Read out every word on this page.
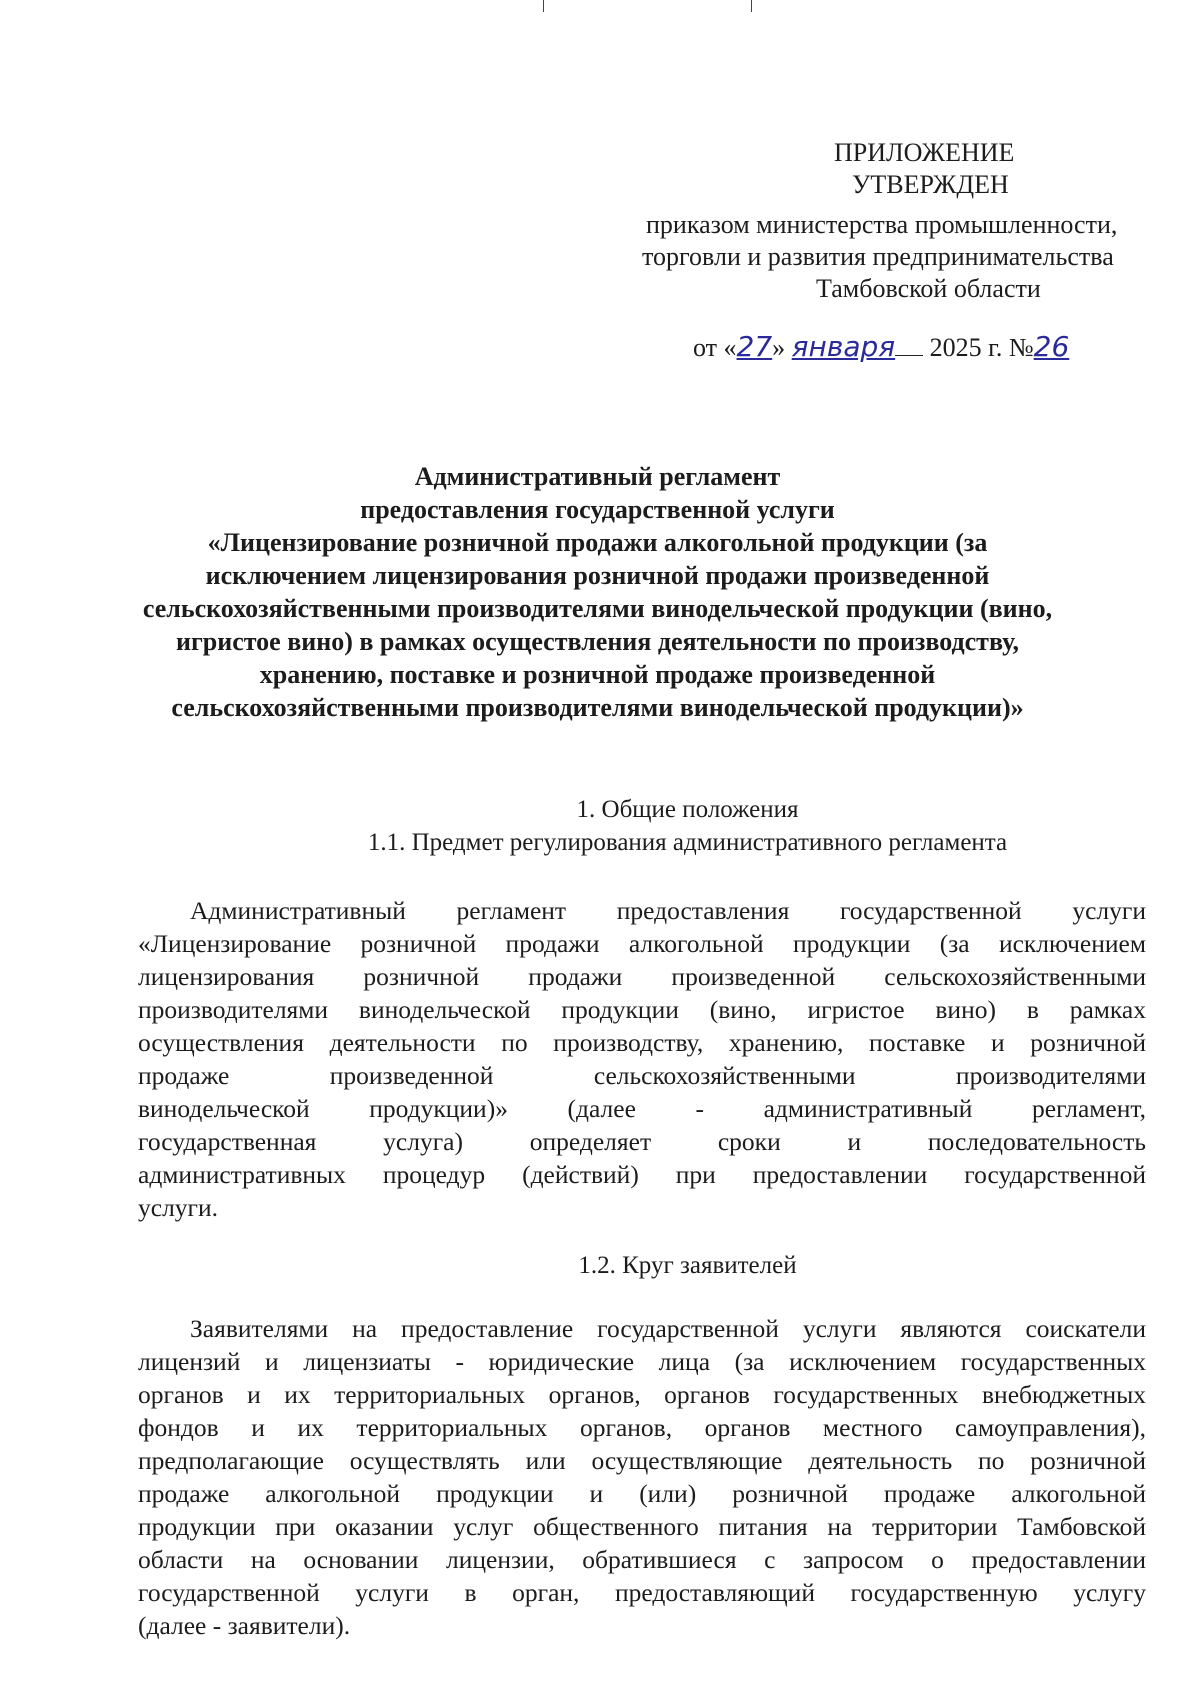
ПРИЛОЖЕНИЕ
УТВЕРЖДЕН
приказом министерства промышленности,
торговли и развития предпринимательства
Тамбовской области
от «27» января 2025 г. №26
Административный регламент
предоставления государственной услуги
«Лицензирование розничной продажи алкогольной продукции (за
исключением лицензирования розничной продажи произведенной
сельскохозяйственными производителями винодельческой продукции (вино,
игристое вино) в рамках осуществления деятельности по производству,
хранению, поставке и розничной продаже произведенной
сельскохозяйственными производителями винодельческой продукции)»
1. Общие положения
1.1. Предмет регулирования административного регламента
Административный регламент предоставления государственной услуги
«Лицензирование розничной продажи алкогольной продукции (за исключением
лицензирования розничной продажи произведенной сельскохозяйственными
производителями винодельческой продукции (вино, игристое вино) в рамках
осуществления деятельности по производству, хранению, поставке и розничной
продаже произведенной сельскохозяйственными производителями
винодельческой продукции)» (далее - административный регламент,
государственная услуга) определяет сроки и последовательность
административных процедур (действий) при предоставлении государственной
услуги.
1.2. Круг заявителей
Заявителями на предоставление государственной услуги являются соискатели
лицензий и лицензиаты - юридические лица (за исключением государственных
органов и их территориальных органов, органов государственных внебюджетных
фондов и их территориальных органов, органов местного самоуправления),
предполагающие осуществлять или осуществляющие деятельность по розничной
продаже алкогольной продукции и (или) розничной продаже алкогольной
продукции при оказании услуг общественного питания на территории Тамбовской
области на основании лицензии, обратившиеся с запросом о предоставлении
государственной услуги в орган, предоставляющий государственную услугу
(далее - заявители).
